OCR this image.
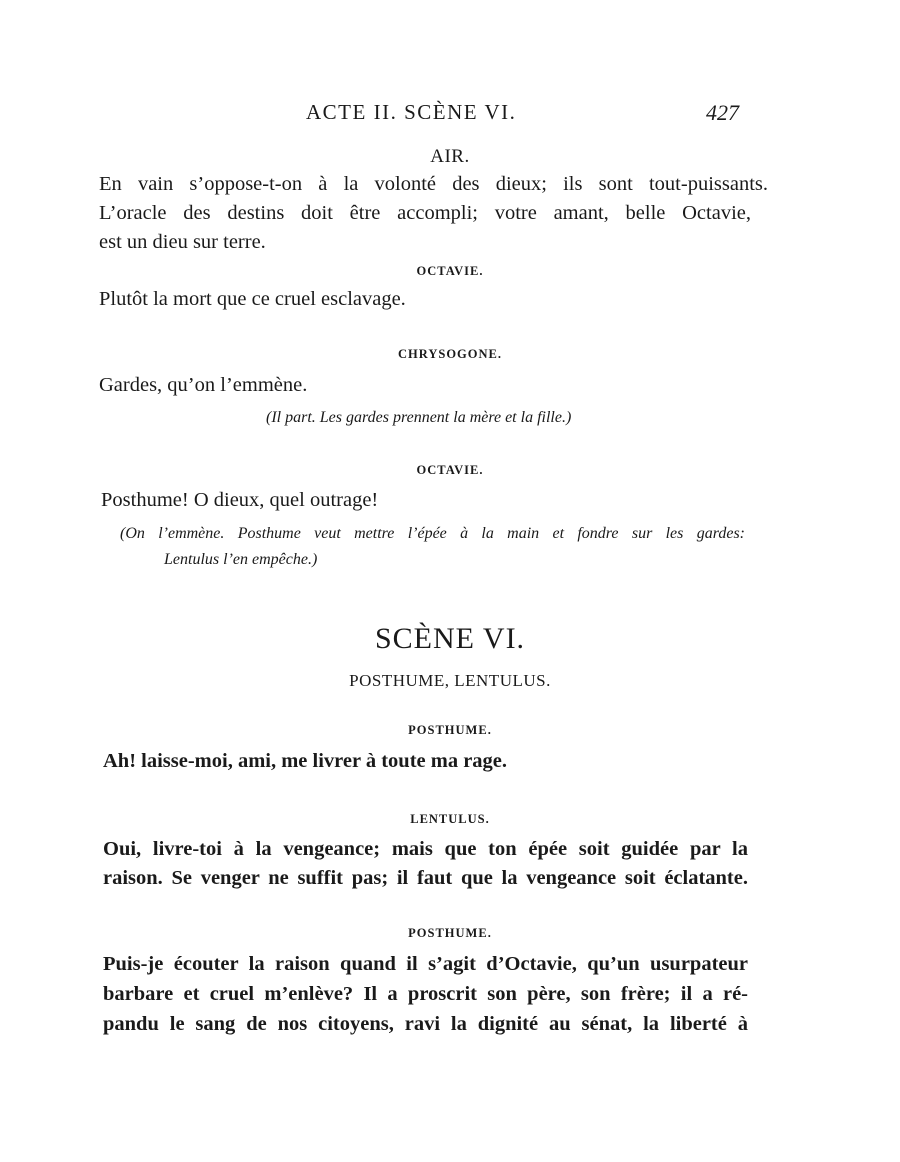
ACTE II. SCÈNE VI.	427
AIR.
En vain s’oppose-t-on à la volonté des dieux; ils sont tout-puissants.
L’oracle des destins doit être accompli; votre amant, belle Octavie,
est un dieu sur terre.
OCTAVIE.
Plutôt la mort que ce cruel esclavage.
CHRYSOGONE.
Gardes, qu’on l’emmène.
(Il part. Les gardes prennent la mère et la fille.)
OCTAVIE.
Posthume! O dieux, quel outrage!
(On l’emmène. Posthume veut mettre l’épée à la main et fondre sur les gardes:
Lentulus l’en empêche.)
SCÈNE VI.
POSTHUME, LENTULUS.
POSTHUME.
Ah! laisse-moi, ami, me livrer à toute ma rage.
LENTULUS.
Oui, livre-toi à la vengeance; mais que ton épée soit guidée par la
raison. Se venger ne suffit pas; il faut que la vengeance soit éclatante.
POSTHUME.
Puis-je écouter la raison quand il s’agit d’Octavie, qu’un usurpateur
barbare et cruel m’enlève? Il a proscrit son père, son frère; il a ré-
pandu le sang de nos citoyens, ravi la dignité au sénat, la liberté à
